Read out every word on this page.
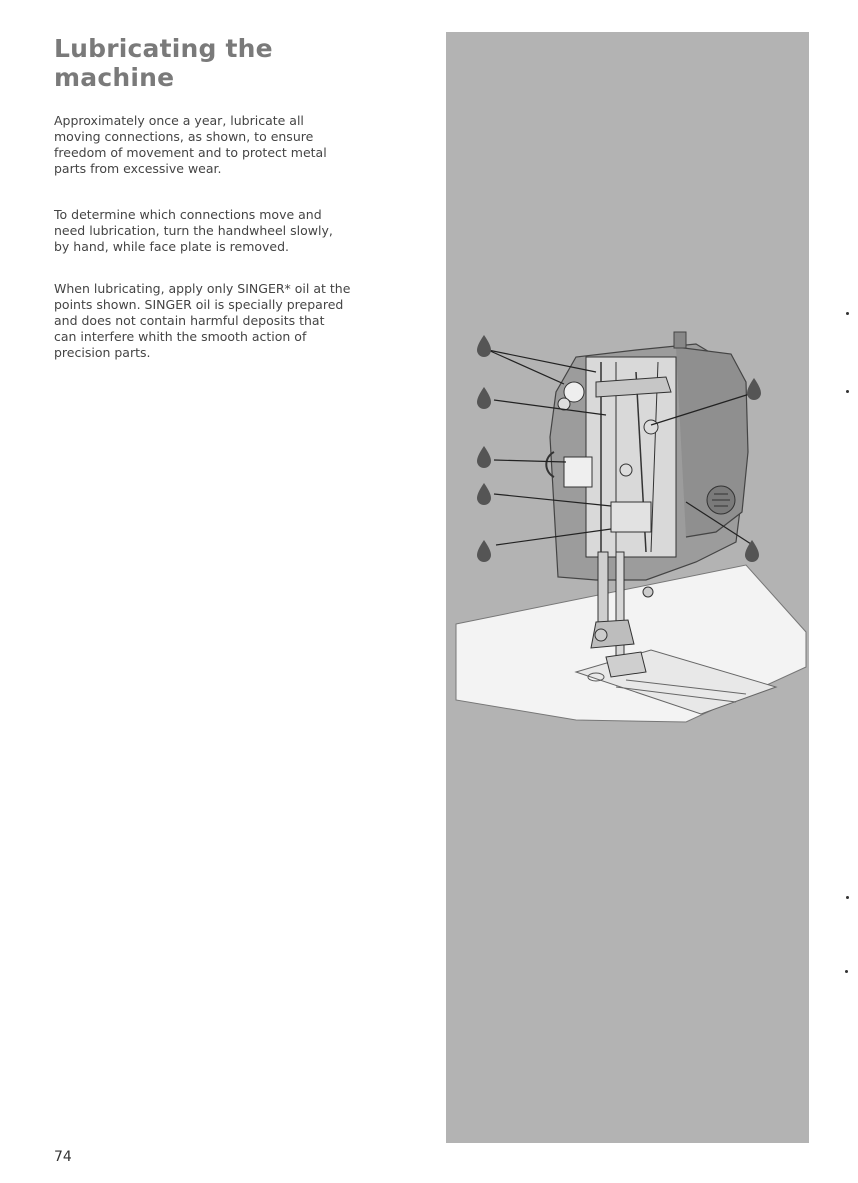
Lubricating the
machine

Approximately once a year, lubricate all
moving connections, as shown, to ensure
freedom of movement and to protect metal
parts from excessive wear.

To determine which connections move and
need lubrication, turn the handwheel slowly,
by hand, while face plate is removed.

When lubricating, apply only SINGER* oil at the
points shown. SINGER oil is specially prepared
and does not contain harmful deposits that
can interfere whith the smooth action of
precision parts.

74
